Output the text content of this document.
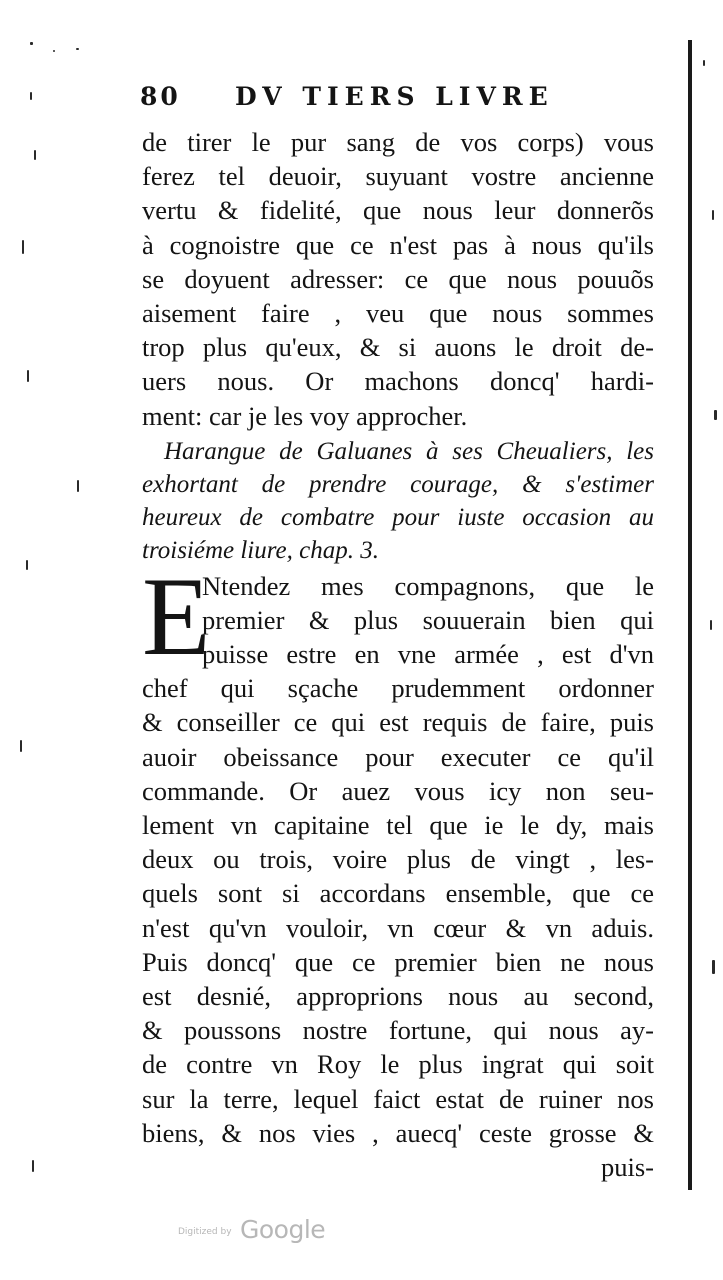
80 DV TIERS LIVRE
de tirer le pur sang de vos corps) vous
ferez tel deuoir, suyuant vostre ancienne
vertu & fidelité, que nous leur donnerõs
à cognoistre que ce n'est pas à nous qu'ils
se doyuent adresser: ce que nous pouuõs
aisement faire , veu que nous sommes
trop plus qu'eux, & si auons le droit de-
uers nous. Or machons doncq' hardi-
ment: car je les voy approcher.
Harangue de Galuanes à ses Cheualiers, les
exhortant de prendre courage, & s'estimer
heureux de combatre pour iuste occasion au
troisiéme liure, chap. 3.
E
Ntendez mes compagnons, que le
premier & plus souuerain bien qui
puisse estre en vne armée , est d'vn
chef qui sçache prudemment ordonner
& conseiller ce qui est requis de faire, puis
auoir obeissance pour executer ce qu'il
commande. Or auez vous icy non seu-
lement vn capitaine tel que ie le dy, mais
deux ou trois, voire plus de vingt , les-
quels sont si accordans ensemble, que ce
n'est qu'vn vouloir, vn cœur & vn aduis.
Puis doncq' que ce premier bien ne nous
est desnié, approprions nous au second,
& poussons nostre fortune, qui nous ay-
de contre vn Roy le plus ingrat qui soit
sur la terre, lequel faict estat de ruiner nos
biens, & nos vies , auecq' ceste grosse &
puis-
Digitized by Google
